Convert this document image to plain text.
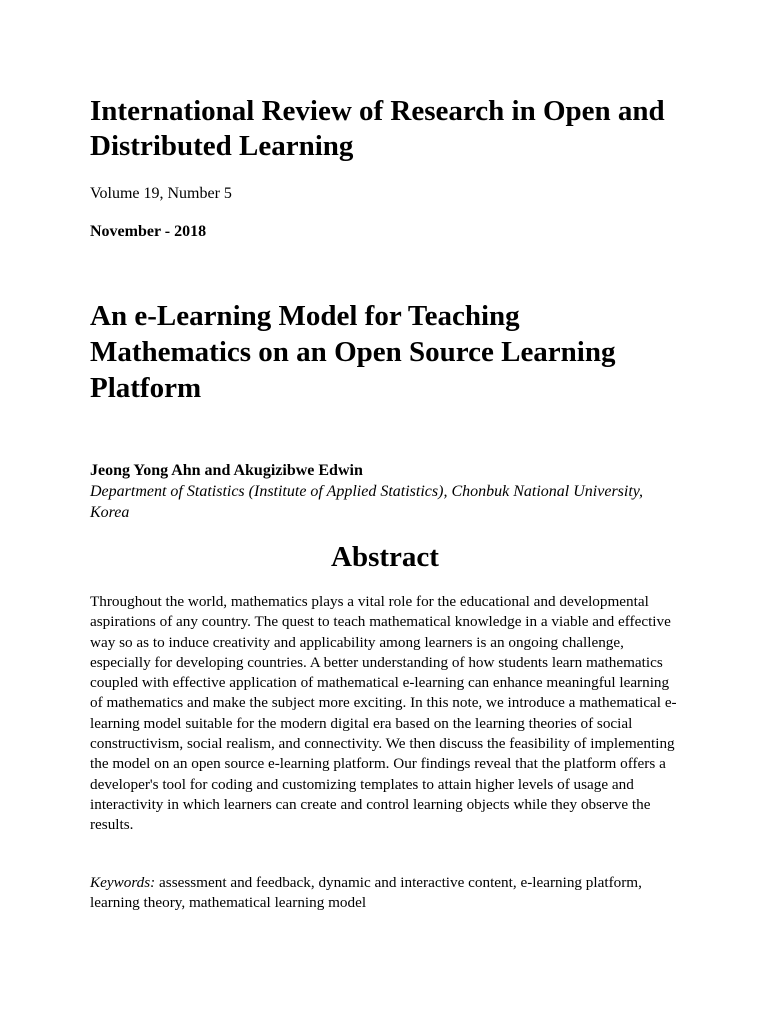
International Review of Research in Open and Distributed Learning
Volume 19, Number 5
November - 2018
An e-Learning Model for Teaching Mathematics on an Open Source Learning Platform
Jeong Yong Ahn and Akugizibwe Edwin
Department of Statistics (Institute of Applied Statistics), Chonbuk National University, Korea
Abstract

Throughout the world, mathematics plays a vital role for the educational and developmental aspirations of any country. The quest to teach mathematical knowledge in a viable and effective way so as to induce creativity and applicability among learners is an ongoing challenge, especially for developing countries. A better understanding of how students learn mathematics coupled with effective application of mathematical e-learning can enhance meaningful learning of mathematics and make the subject more exciting. In this note, we introduce a mathematical e-learning model suitable for the modern digital era based on the learning theories of social constructivism, social realism, and connectivity. We then discuss the feasibility of implementing the model on an open source e-learning platform. Our findings reveal that the platform offers a developer's tool for coding and customizing templates to attain higher levels of usage and interactivity in which learners can create and control learning objects while they observe the results.

Keywords: assessment and feedback, dynamic and interactive content, e-learning platform, learning theory, mathematical learning model
